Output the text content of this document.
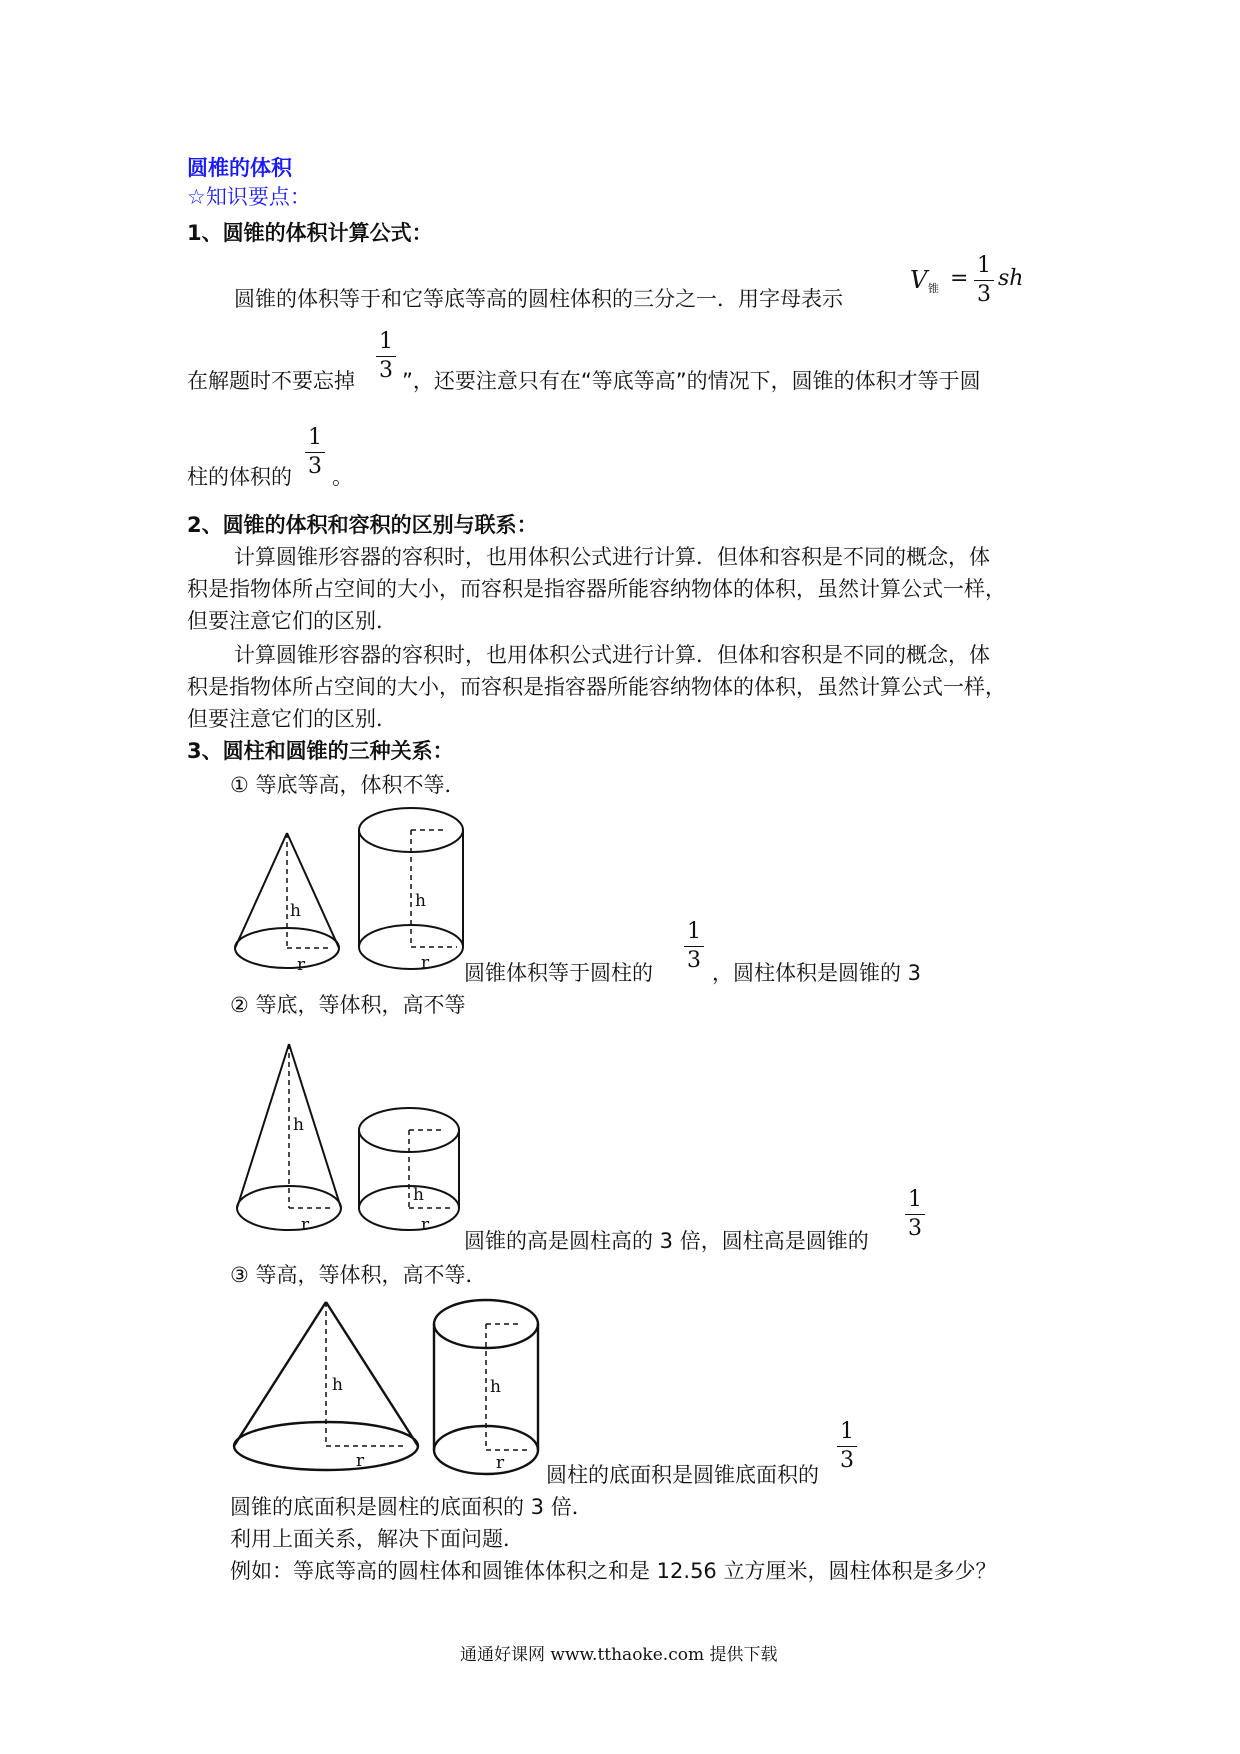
圆椎的体积
☆知识要点：
1、圆锥的体积计算公式：
圆锥的体积等于和它等底等高的圆柱体积的三分之一．用字母表示
V 锥 =
1
3
sh
在解题时不要忘掉
1
3 ”，还要注意只有在“等底等高”的情况下，圆锥的体积才等于圆
柱的体积的
1
3 。
2、圆锥的体积和容积的区别与联系：
计算圆锥形容器的容积时，也用体积公式进行计算．但体和容积是不同的概念，体
积是指物体所占空间的大小，而容积是指容器所能容纳物体的体积，虽然计算公式一样，
但要注意它们的区别．
计算圆锥形容器的容积时，也用体积公式进行计算．但体和容积是不同的概念，体
积是指物体所占空间的大小，而容积是指容器所能容纳物体的体积，虽然计算公式一样，
但要注意它们的区别．
3、圆柱和圆锥的三种关系：
① 等底等高，体积不等．
h
r
h
r 圆锥体积等于圆柱的
1
3 ，圆柱体积是圆锥的 3
② 等底，等体积，高不等
h
r
h
r
圆锥的高是圆柱高的 3 倍，圆柱高是圆锥的
1
3
③ 等高，等体积，高不等．
h
r
h
r 圆柱的底面积是圆锥底面积的
1
3
圆锥的底面积是圆柱的底面积的 3 倍．
利用上面关系，解决下面问题．
例如：等底等高的圆柱体和圆锥体体积之和是 12.56 立方厘米，圆柱体积是多少？
通通好课网 www.tthaoke.com 提供下载
